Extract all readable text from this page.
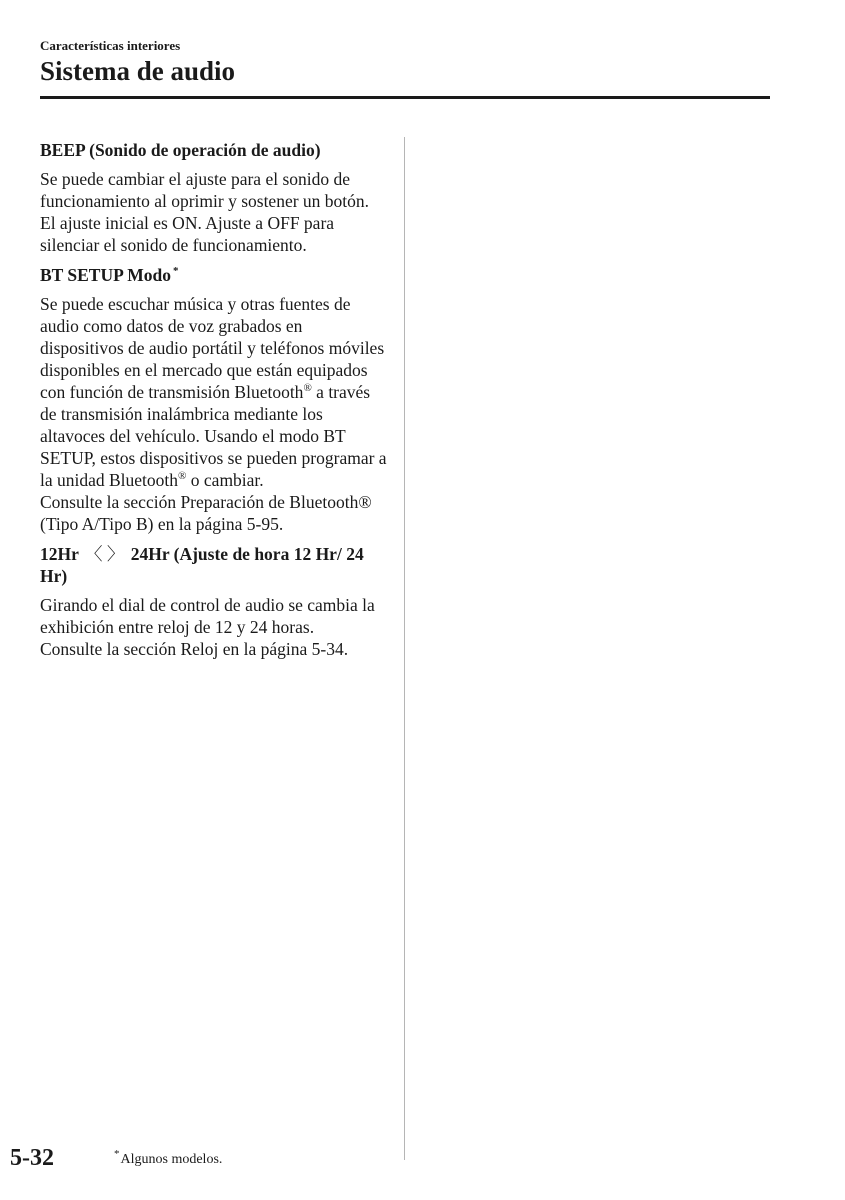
Características interiores
Sistema de audio
BEEP (Sonido de operación de audio)

Se puede cambiar el ajuste para el sonido de funcionamiento al oprimir y sostener un botón. El ajuste inicial es ON. Ajuste a OFF para silenciar el sonido de funcionamiento.

BT SETUP Modo *

Se puede escuchar música y otras fuentes de audio como datos de voz grabados en dispositivos de audio portátil y teléfonos móviles disponibles en el mercado que están equipados con función de transmisión Bluetooth® a través de transmisión inalámbrica mediante los altavoces del vehículo. Usando el modo BT SETUP, estos dispositivos se pueden programar a la unidad Bluetooth® o cambiar.

Consulte la sección Preparación de Bluetooth® (Tipo A/Tipo B) en la página 5-95.

12Hr 〈 〉 24Hr (Ajuste de hora 12 Hr/ 24 Hr)

Girando el dial de control de audio se cambia la exhibición entre reloj de 12 y 24 horas.

Consulte la sección Reloj en la página 5-34.

5-32	*Algunos modelos.
